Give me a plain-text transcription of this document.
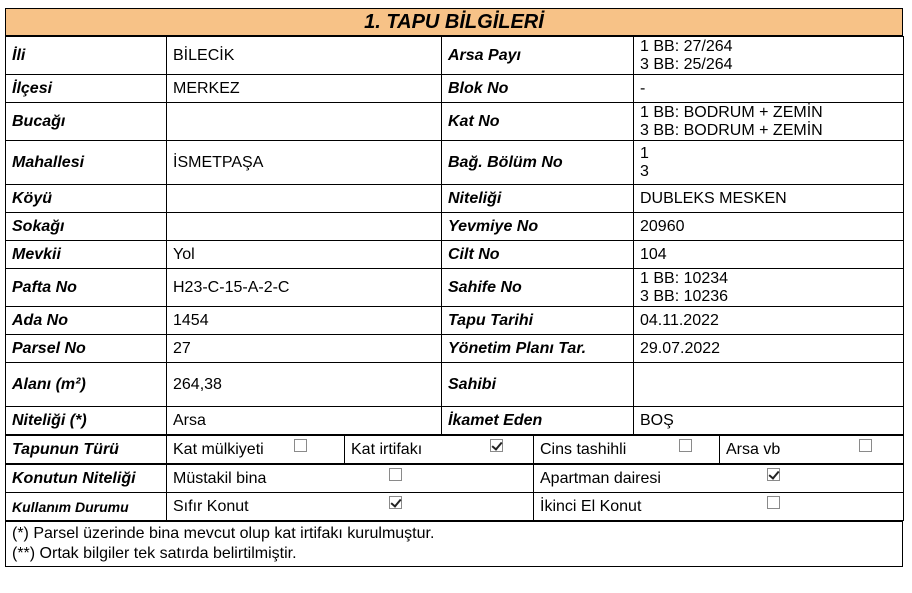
1. TAPU BİLGİLERİ
İli	BİLECİK	Arsa Payı	1 BB: 27/264
3 BB: 25/264

İlçesi	MERKEZ	Blok No	-
Bucağı		Kat No	1 BB: BODRUM + ZEMİN
3 BB: BODRUM + ZEMİN

Mahallesi	İSMETPAŞA	Bağ. Bölüm No	1
3

Köyü		Niteliği	DUBLEKS MESKEN
Sokağı		Yevmiye No	20960
Mevkii	Yol	Cilt No	104
Pafta No	H23-C-15-A-2-C	Sahife No	1 BB: 10234
3 BB: 10236

Ada No	1454	Tapu Tarihi	04.11.2022
Parsel No	27	Yönetim Planı Tar.	29.07.2022
Alanı (m²)	264,38	Sahibi	
Niteliği (*)	Arsa	İkamet Eden	BOŞ
Tapunun Türü	Kat mülkiyeti	Kat irtifakı	Cins tashihli	Arsa vb
Konutun Niteliği	Müstakil bina	Apartman dairesi

Kullanım Durumu	Sıfır Konut	İkinci El Konut
(*) Parsel üzerinde bina mevcut olup kat irtifakı kurulmuştur.
(**) Ortak bilgiler tek satırda belirtilmiştir.
